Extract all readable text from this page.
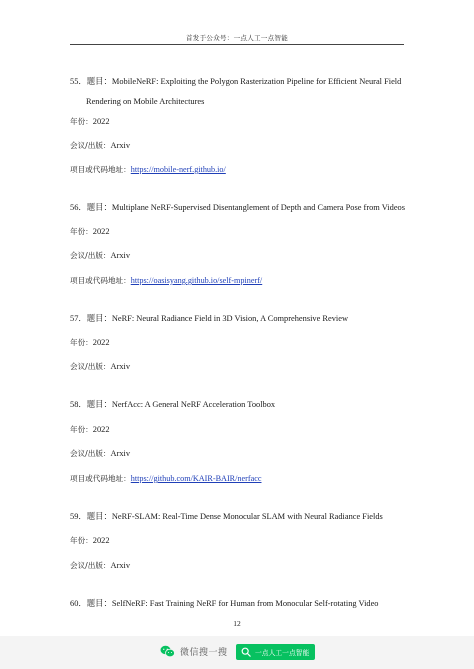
首发于公众号：一点人工一点智能
55．题目：MobileNeRF: Exploiting the Polygon Rasterization Pipeline for Efficient Neural Field
Rendering on Mobile Architectures
年份：2022
会议/出版：Arxiv
项目或代码地址：https://mobile-nerf.github.io/
56．题目：Multiplane NeRF-Supervised Disentanglement of Depth and Camera Pose from Videos
年份：2022
会议/出版：Arxiv
项目或代码地址：https://oasisyang.github.io/self-mpinerf/
57．题目：NeRF: Neural Radiance Field in 3D Vision, A Comprehensive Review
年份：2022
会议/出版：Arxiv
58．题目：NerfAcc: A General NeRF Acceleration Toolbox
年份：2022
会议/出版：Arxiv
项目或代码地址：https://github.com/KAIR-BAIR/nerfacc
59．题目：NeRF-SLAM: Real-Time Dense Monocular SLAM with Neural Radiance Fields
年份：2022
会议/出版：Arxiv
60．题目：SelfNeRF: Fast Training NeRF for Human from Monocular Self-rotating Video
12
微信搜一搜	一点人工一点智能
